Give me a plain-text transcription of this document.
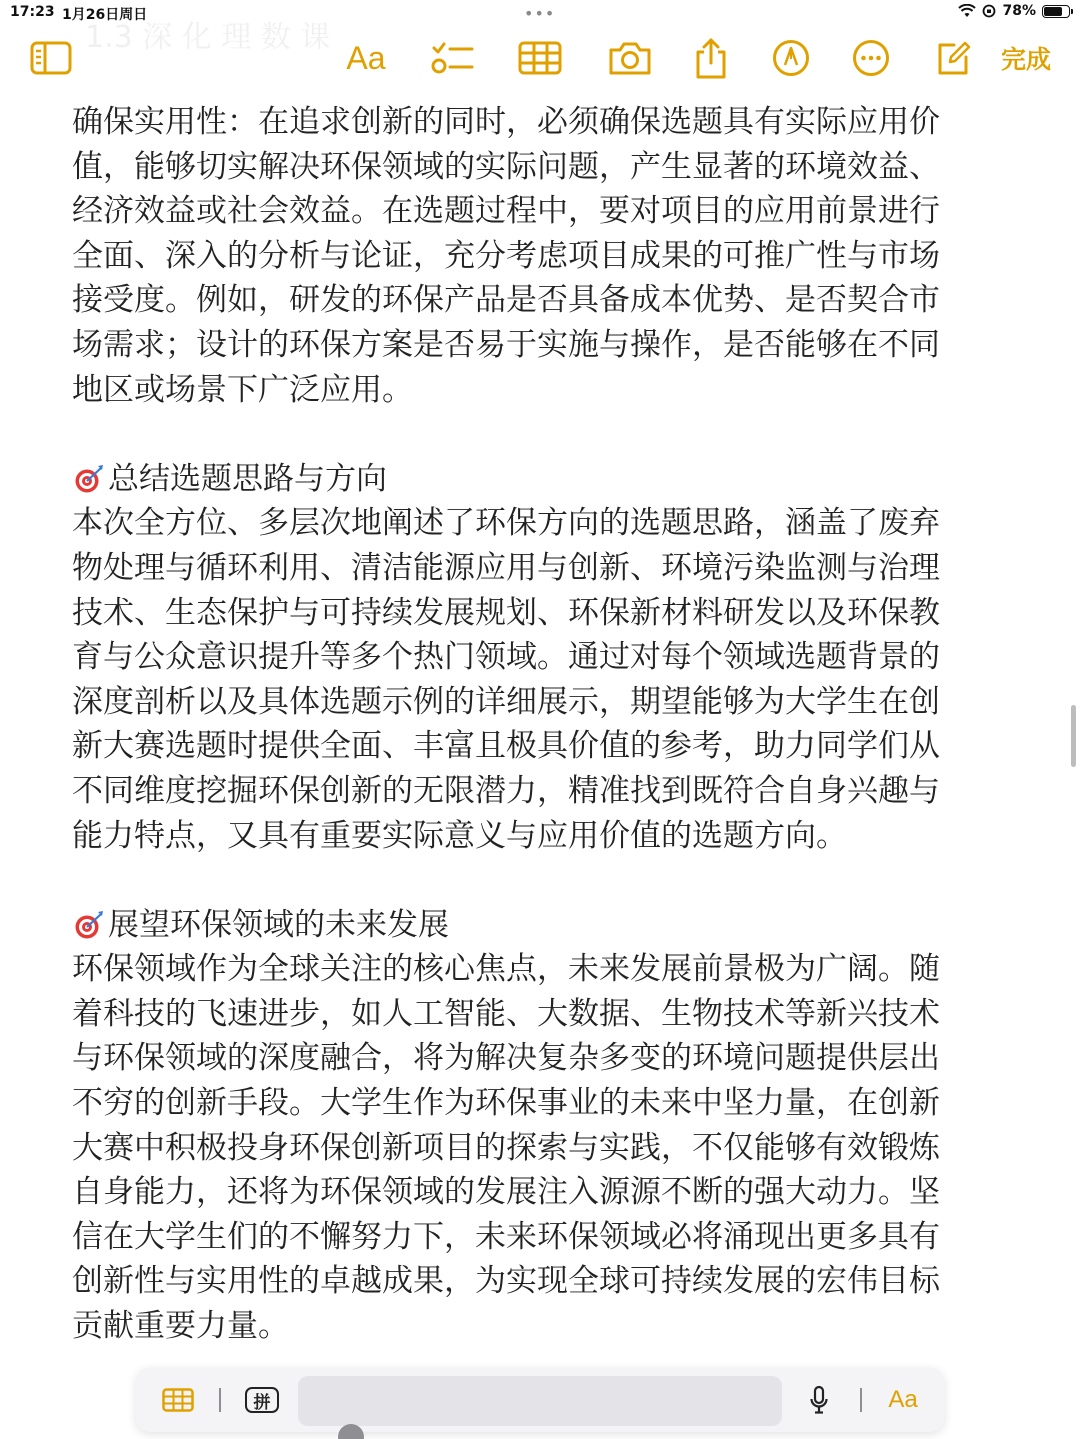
17:23 1月26日周日	•••	78%
1.3 深 化 理 数 课
Aa	完成
确保实用性：在追求创新的同时，必须确保选题具有实际应用价
值，能够切实解决环保领域的实际问题，产生显著的环境效益、
经济效益或社会效益。在选题过程中，要对项目的应用前景进行
全面、深入的分析与论证，充分考虑项目成果的可推广性与市场
接受度。例如，研发的环保产品是否具备成本优势、是否契合市
场需求；设计的环保方案是否易于实施与操作，是否能够在不同
地区或场景下广泛应用。
总结选题思路与方向
本次全方位、多层次地阐述了环保方向的选题思路，涵盖了废弃
物处理与循环利用、清洁能源应用与创新、环境污染监测与治理
技术、生态保护与可持续发展规划、环保新材料研发以及环保教
育与公众意识提升等多个热门领域。通过对每个领域选题背景的
深度剖析以及具体选题示例的详细展示，期望能够为大学生在创
新大赛选题时提供全面、丰富且极具价值的参考，助力同学们从
不同维度挖掘环保创新的无限潜力，精准找到既符合自身兴趣与
能力特点，又具有重要实际意义与应用价值的选题方向。
展望环保领域的未来发展
环保领域作为全球关注的核心焦点，未来发展前景极为广阔。随
着科技的飞速进步，如人工智能、大数据、生物技术等新兴技术
与环保领域的深度融合，将为解决复杂多变的环境问题提供层出
不穷的创新手段。大学生作为环保事业的未来中坚力量，在创新
大赛中积极投身环保创新项目的探索与实践，不仅能够有效锻炼
自身能力，还将为环保领域的发展注入源源不断的强大动力。坚
信在大学生们的不懈努力下，未来环保领域必将涌现出更多具有
创新性与实用性的卓越成果，为实现全球可持续发展的宏伟目标
贡献重要力量。
拼	Aa
